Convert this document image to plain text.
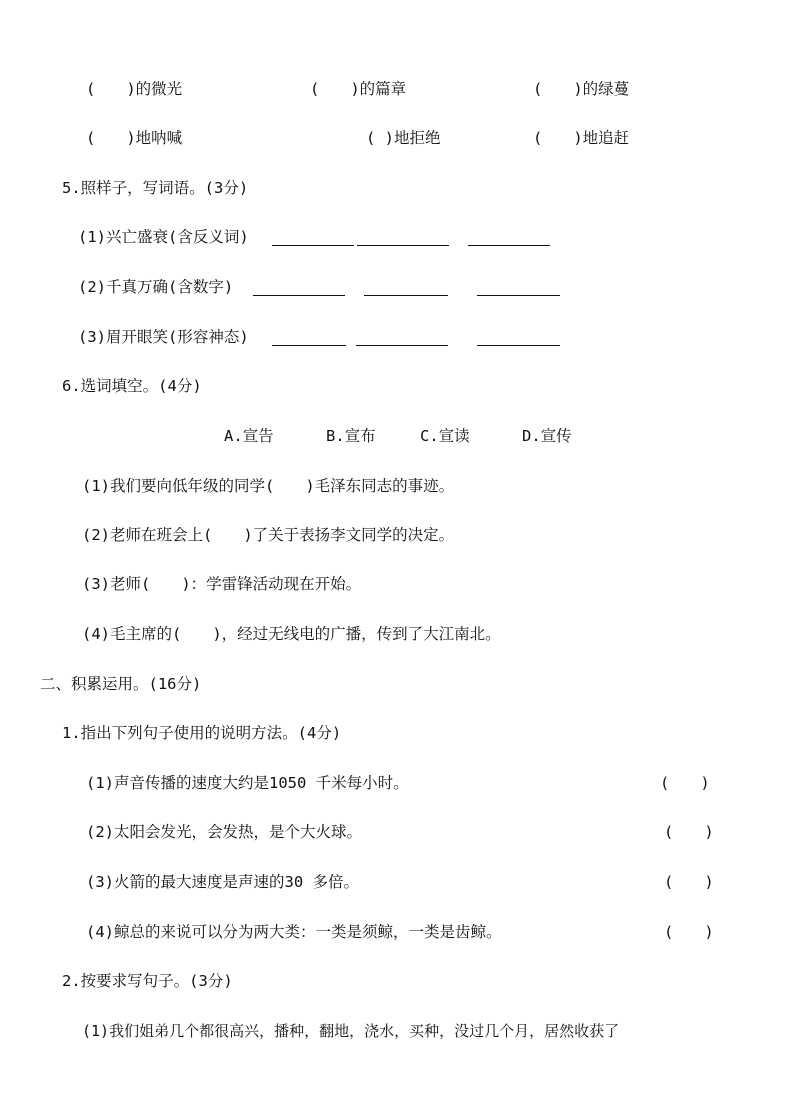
(　　)的微光	(　　)的篇章	(　　)的绿蔓
(　　)地呐喊	( )地拒绝	(　　)地追赶
5.照样子，写词语。(3分)
(1)兴亡盛衰(含反义词)
(2)千真万确(含数字)
(3)眉开眼笑(形容神态)
6.选词填空。(4分)
A.宣告	B.宣布	C.宣读	D.宣传
(1)我们要向低年级的同学(　　)毛泽东同志的事迹。
(2)老师在班会上(　　)了关于表扬李文同学的决定。
(3)老师(　　)：学雷锋活动现在开始。
(4)毛主席的(　　)，经过无线电的广播，传到了大江南北。
二、积累运用。(16分)
1.指出下列句子使用的说明方法。(4分)
(1)声音传播的速度大约是1050 千米每小时。	(　　)
(2)太阳会发光，会发热，是个大火球。	(　　)
(3)火箭的最大速度是声速的30 多倍。	(　　)
(4)鲸总的来说可以分为两大类：一类是须鲸，一类是齿鲸。	(　　)
2.按要求写句子。(3分)
(1)我们姐弟几个都很高兴，播种，翻地，浇水，买种，没过几个月，居然收获了
